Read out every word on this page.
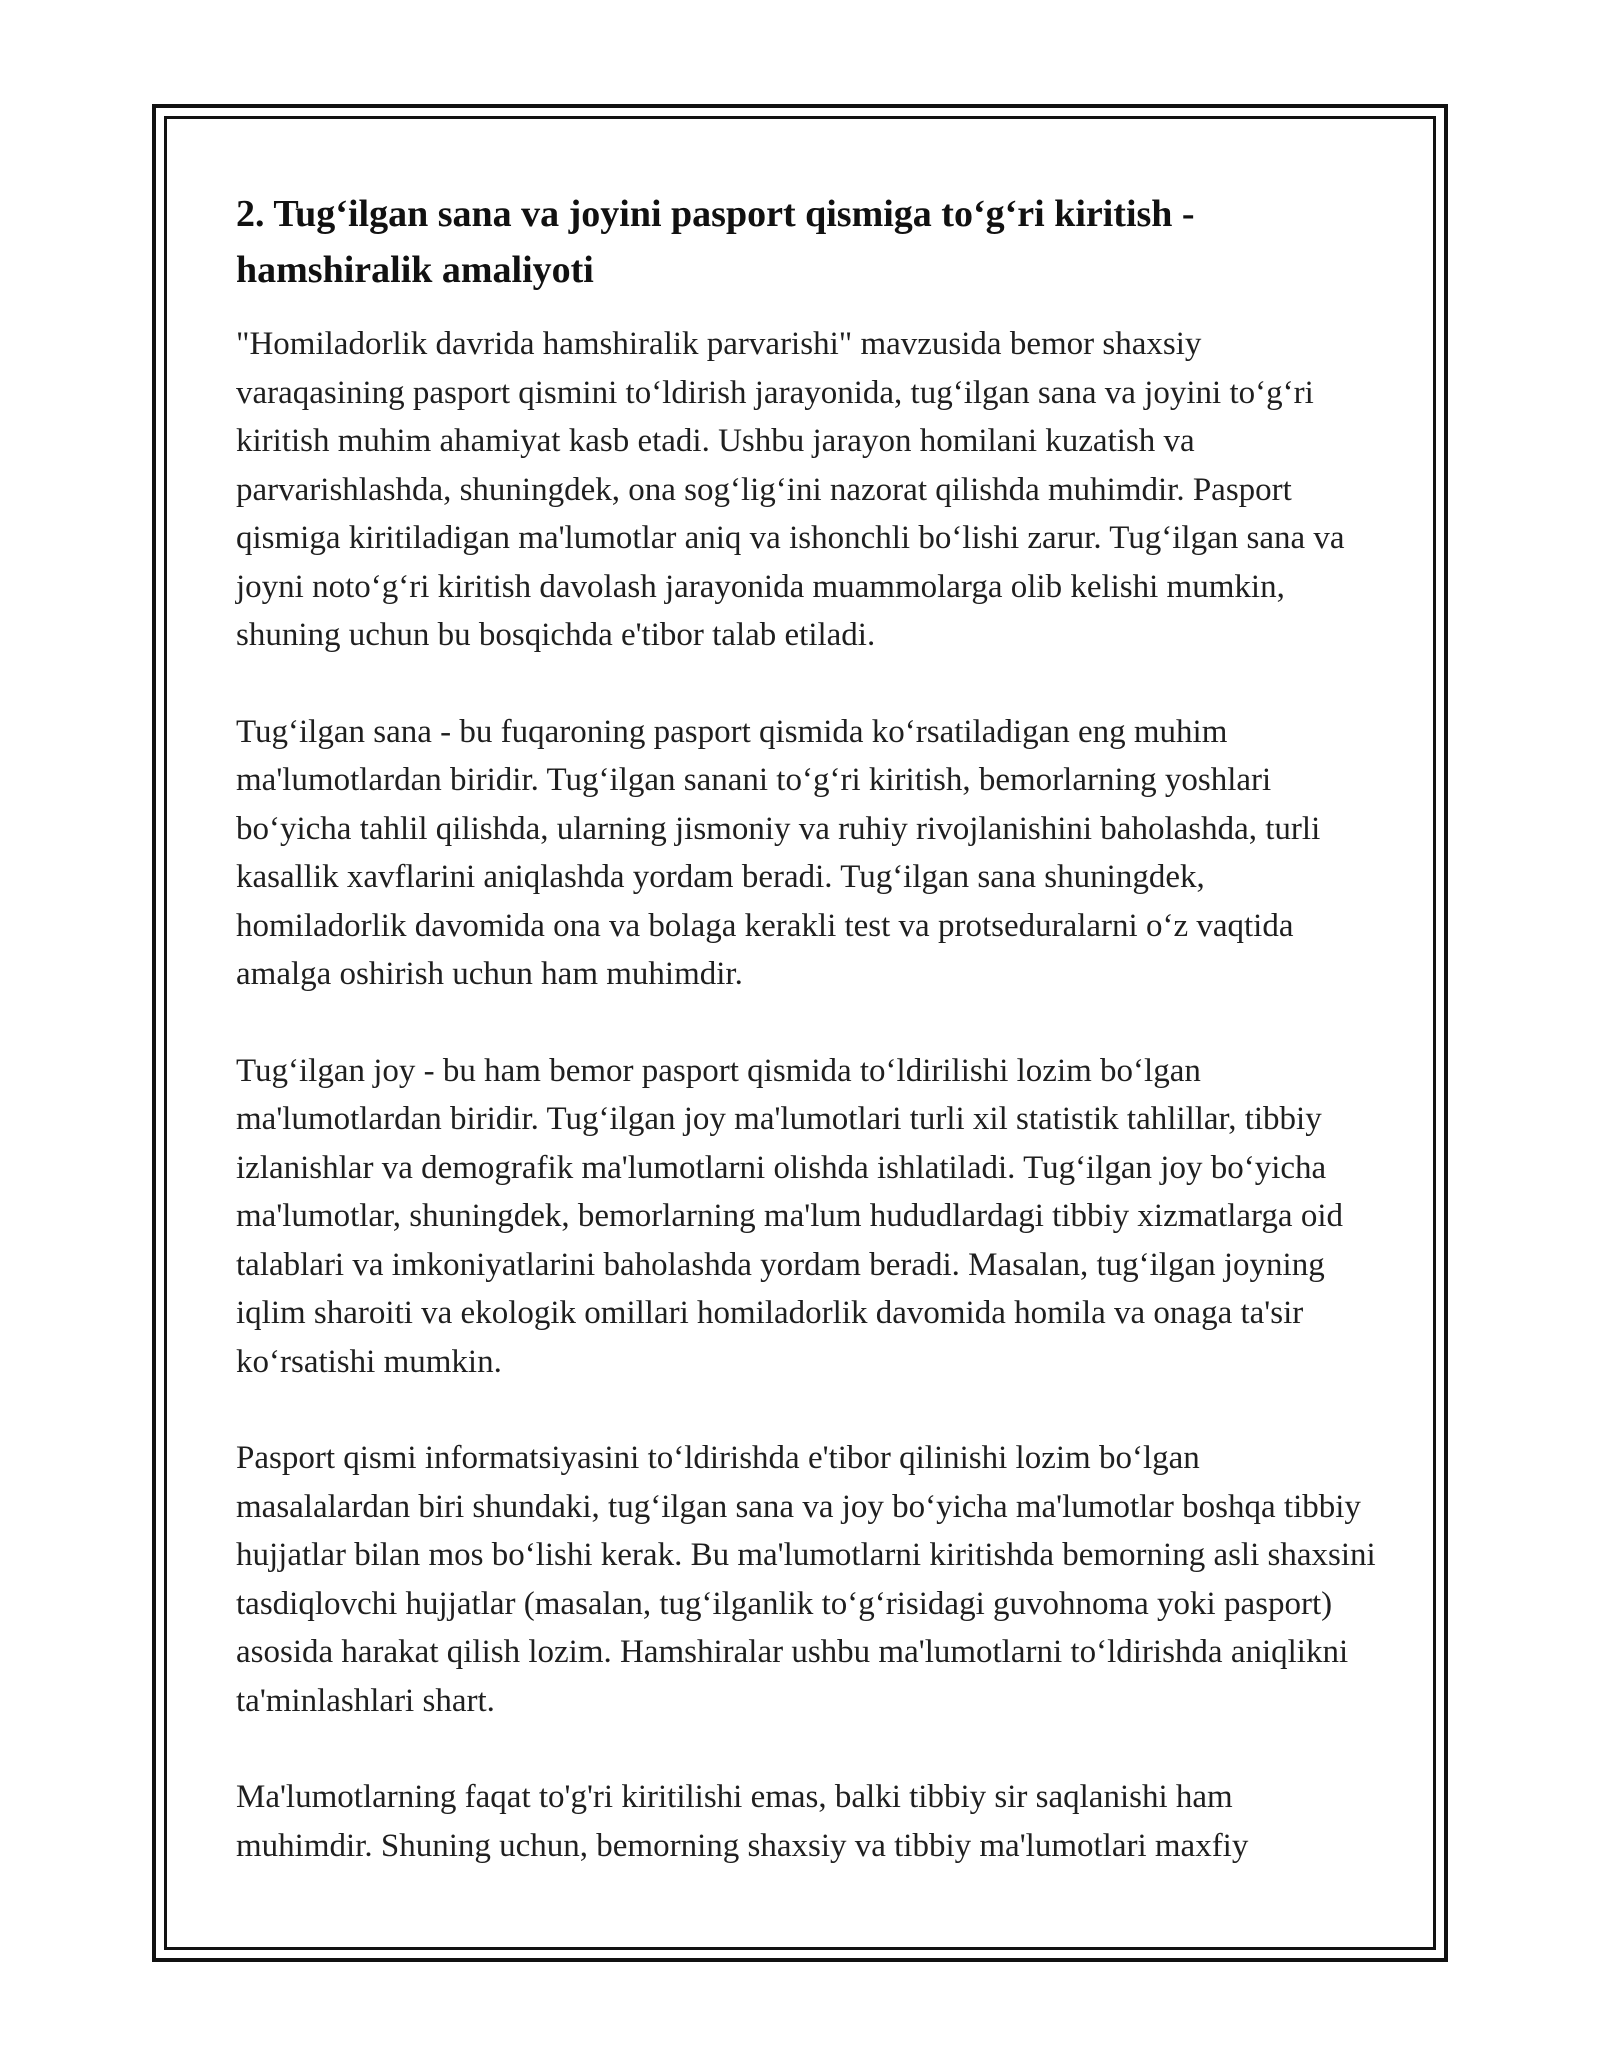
2. Tug‘ilgan sana va joyini pasport qismiga to‘g‘ri kiritish - hamshiralik amaliyoti

"Homiladorlik davrida hamshiralik parvarishi" mavzusida bemor shaxsiy varaqasining pasport qismini to‘ldirish jarayonida, tug‘ilgan sana va joyini to‘g‘ri kiritish muhim ahamiyat kasb etadi. Ushbu jarayon homilani kuzatish va parvarishlashda, shuningdek, ona sog‘lig‘ini nazorat qilishda muhimdir. Pasport qismiga kiritiladigan ma'lumotlar aniq va ishonchli bo‘lishi zarur. Tug‘ilgan sana va joyni noto‘g‘ri kiritish davolash jarayonida muammolarga olib kelishi mumkin, shuning uchun bu bosqichda e'tibor talab etiladi.

Tug‘ilgan sana - bu fuqaroning pasport qismida ko‘rsatiladigan eng muhim ma'lumotlardan biridir. Tug‘ilgan sanani to‘g‘ri kiritish, bemorlarning yoshlari bo‘yicha tahlil qilishda, ularning jismoniy va ruhiy rivojlanishini baholashda, turli kasallik xavflarini aniqlashda yordam beradi. Tug‘ilgan sana shuningdek, homiladorlik davomida ona va bolaga kerakli test va protseduralarni o‘z vaqtida amalga oshirish uchun ham muhimdir.

Tug‘ilgan joy - bu ham bemor pasport qismida to‘ldirilishi lozim bo‘lgan ma'lumotlardan biridir. Tug‘ilgan joy ma'lumotlari turli xil statistik tahlillar, tibbiy izlanishlar va demografik ma'lumotlarni olishda ishlatiladi. Tug‘ilgan joy bo‘yicha ma'lumotlar, shuningdek, bemorlarning ma'lum hududlardagi tibbiy xizmatlarga oid talablari va imkoniyatlarini baholashda yordam beradi. Masalan, tug‘ilgan joyning iqlim sharoiti va ekologik omillari homiladorlik davomida homila va onaga ta'sir ko‘rsatishi mumkin.

Pasport qismi informatsiyasini to‘ldirishda e'tibor qilinishi lozim bo‘lgan masalalardan biri shundaki, tug‘ilgan sana va joy bo‘yicha ma'lumotlar boshqa tibbiy hujjatlar bilan mos bo‘lishi kerak. Bu ma'lumotlarni kiritishda bemorning asli shaxsini tasdiqlovchi hujjatlar (masalan, tug‘ilganlik to‘g‘risidagi guvohnoma yoki pasport) asosida harakat qilish lozim. Hamshiralar ushbu ma'lumotlarni to‘ldirishda aniqlikni ta'minlashlari shart.

Ma'lumotlarning faqat to'g'ri kiritilishi emas, balki tibbiy sir saqlanishi ham muhimdir. Shuning uchun, bemorning shaxsiy va tibbiy ma'lumotlari maxfiy
